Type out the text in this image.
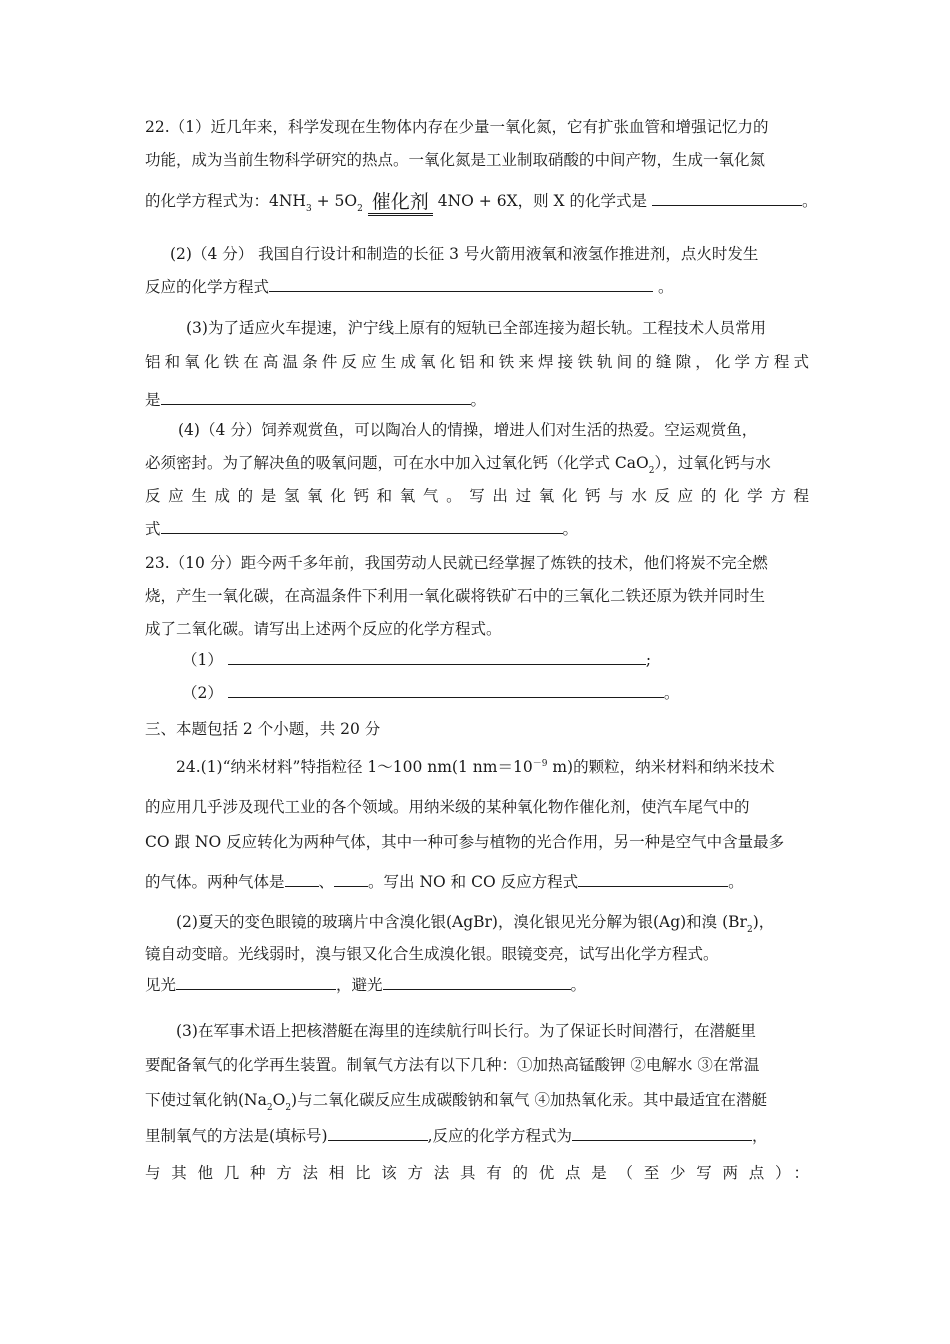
22.（1）近几年来，科学发现在生物体内存在少量一氧化氮，它有扩张血管和增强记忆力的
功能，成为当前生物科学研究的热点。一氧化氮是工业制取硝酸的中间产物，生成一氧化氮
的化学方程式为：$4NH_3 + 5O_2$ 催化剂 4NO + 6X，则 X 的化学式是	。
(2)（4 分） 我国自行设计和制造的长征 3 号火箭用液氧和液氢作推进剂，点火时发生
反应的化学方程式	。
(3)为了适应火车提速，沪宁线上原有的短轨已全部连接为超长轨。工程技术人员常用
铝和氧化铁在高温条件反应生成氧化铝和铁来焊接铁轨间的缝隙，化学方程式
是	。
(4)（4 分）饲养观赏鱼，可以陶冶人的情操，增进人们对生活的热爱。空运观赏鱼，
必须密封。为了解决鱼的吸氧问题，可在水中加入过氧化钙（化学式 CaO$_2$），过氧化钙与水
反应生成的是氢氧化钙和氧气。写出过氧化钙与水反应的化学方程
式	。
23.（10 分）距今两千多年前，我国劳动人民就已经掌握了炼铁的技术，他们将炭不完全燃
烧，产生一氧化碳，在高温条件下利用一氧化碳将铁矿石中的三氧化二铁还原为铁并同时生
成了二氧化碳。请写出上述两个反应的化学方程式。
（1）	;
（2）	。
三、本题包括 2 个小题，共 20 分
24.(1)“纳米材料”特指粒径 1～100 nm(1 $nm=10^{-9}$ m)的颗粒，纳米材料和纳米技术
的应用几乎涉及现代工业的各个领域。用纳米级的某种氧化物作催化剂，使汽车尾气中的
CO 跟 NO 反应转化为两种气体，其中一种可参与植物的光合作用，另一种是空气中含量最多
的气体。两种气体是 、 。写出 NO 和 CO 反应方程式	。
(2)夏天的变色眼镜的玻璃片中含溴化银(AgBr)，溴化银见光分解为银(Ag)和溴 $(Br_2)$，
镜自动变暗。光线弱时，溴与银又化合生成溴化银。眼镜变亮，试写出化学方程式。
见光	，避光	。
(3)在军事术语上把核潜艇在海里的连续航行叫长行。为了保证长时间潜行，在潜艇里
要配备氧气的化学再生装置。制氧气方法有以下几种：①加热高锰酸钾 ②电解水 ③在常温
下使过氧化钠$(Na_2O_2)$与二氧化碳反应生成碳酸钠和氧气 ④加热氧化汞。其中最适宜在潜艇
里制氧气的方法是(填标号)	,反应的化学方程式为	，
与其他几种方法相比该方法具有的优点是（至少写两点）：
